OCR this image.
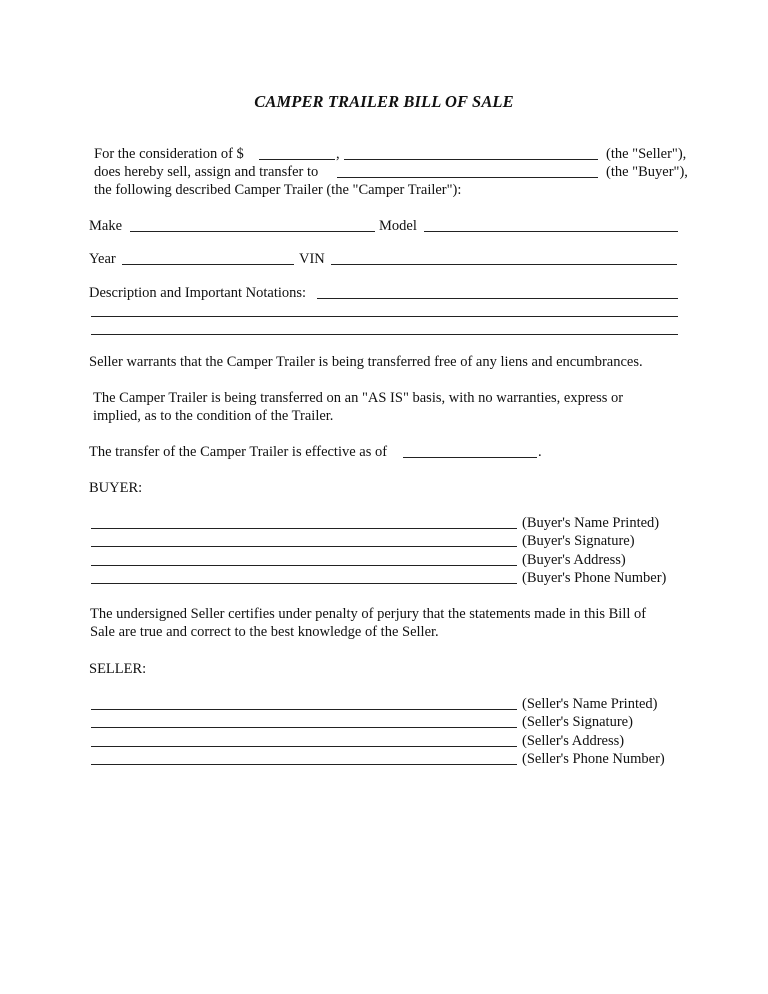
CAMPER TRAILER BILL OF SALE
For the consideration of $	,	(the "Seller"),
does hereby sell, assign and transfer to	(the "Buyer"),
the following described Camper Trailer (the "Camper Trailer"):
Make	Model
Year	VIN
Description and Important Notations:
Seller warrants that the Camper Trailer is being transferred free of any liens and encumbrances.
The Camper Trailer is being transferred on an "AS IS" basis, with no warranties, express or
implied, as to the condition of the Trailer.
The transfer of the Camper Trailer is effective as of	.
BUYER:
(Buyer's Name Printed)
(Buyer's Signature)
(Buyer's Address)
(Buyer's Phone Number)
The undersigned Seller certifies under penalty of perjury that the statements made in this Bill of
Sale are true and correct to the best knowledge of the Seller.
SELLER:
(Seller's Name Printed)
(Seller's Signature)
(Seller's Address)
(Seller's Phone Number)
